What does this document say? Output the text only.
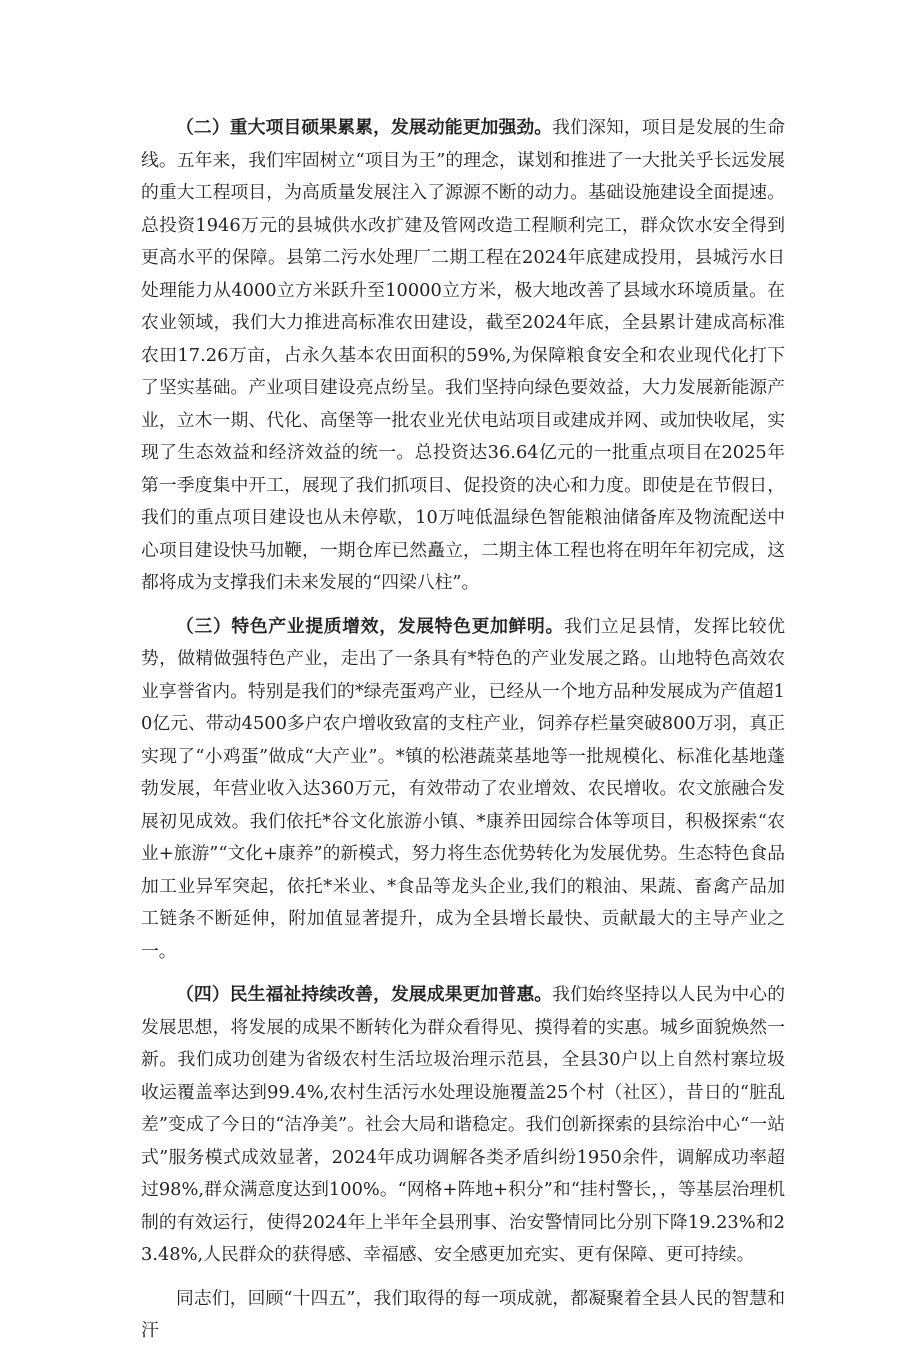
（二）重大项目硕果累累，发展动能更加强劲。我们深知，项目是发展的生命线。五年来，我们牢固树立“项目为王”的理念，谋划和推进了一大批关乎长远发展的重大工程项目，为高质量发展注入了源源不断的动力。基础设施建设全面提速。总投资1946万元的县城供水改扩建及管网改造工程顺利完工，群众饮水安全得到更高水平的保障。县第二污水处理厂二期工程在2024年底建成投用，县城污水日处理能力从4000立方米跃升至10000立方米，极大地改善了县域水环境质量。在农业领域，我们大力推进高标准农田建设，截至2024年底，全县累计建成高标准农田17.26万亩，占永久基本农田面积的59%,为保障粮食安全和农业现代化打下了坚实基础。产业项目建设亮点纷呈。我们坚持向绿色要效益，大力发展新能源产业，立木一期、代化、高堡等一批农业光伏电站项目或建成并网、或加快收尾，实现了生态效益和经济效益的统一。总投资达36.64亿元的一批重点项目在2025年第一季度集中开工，展现了我们抓项目、促投资的决心和力度。即使是在节假日，我们的重点项目建设也从未停歇，10万吨低温绿色智能粮油储备库及物流配送中心项目建设快马加鞭，一期仓库已然矗立，二期主体工程也将在明年年初完成，这都将成为支撑我们未来发展的“四梁八柱”。

（三）特色产业提质增效，发展特色更加鲜明。我们立足县情，发挥比较优势，做精做强特色产业，走出了一条具有*特色的产业发展之路。山地特色高效农业享誉省内。特别是我们的*绿壳蛋鸡产业，已经从一个地方品种发展成为产值超10亿元、带动4500多户农户增收致富的支柱产业，饲养存栏量突破800万羽，真正实现了“小鸡蛋”做成“大产业”。*镇的松港蔬菜基地等一批规模化、标准化基地蓬勃发展，年营业收入达360万元，有效带动了农业增效、农民增收。农文旅融合发展初见成效。我们依托*谷文化旅游小镇、*康养田园综合体等项目，积极探索“农业+旅游”“文化+康养”的新模式，努力将生态优势转化为发展优势。生态特色食品加工业异军突起，依托*米业、*食品等龙头企业,我们的粮油、果蔬、畜禽产品加工链条不断延伸，附加值显著提升，成为全县增长最快、贡献最大的主导产业之一。

（四）民生福祉持续改善，发展成果更加普惠。我们始终坚持以人民为中心的发展思想，将发展的成果不断转化为群众看得见、摸得着的实惠。城乡面貌焕然一新。我们成功创建为省级农村生活垃圾治理示范县，全县30户以上自然村寨垃圾收运覆盖率达到99.4%,农村生活污水处理设施覆盖25个村（社区），昔日的“脏乱差”变成了今日的“洁净美”。社会大局和谐稳定。我们创新探索的县综治中心“一站式”服务模式成效显著，2024年成功调解各类矛盾纠纷1950余件，调解成功率超过98%,群众满意度达到100%。“网格+阵地+积分”和“挂村警长，，等基层治理机制的有效运行，使得2024年上半年全县刑事、治安警情同比分别下降19.23%和23.48%,人民群众的获得感、幸福感、安全感更加充实、更有保障、更可持续。

同志们，回顾“十四五”，我们取得的每一项成就，都凝聚着全县人民的智慧和汗
